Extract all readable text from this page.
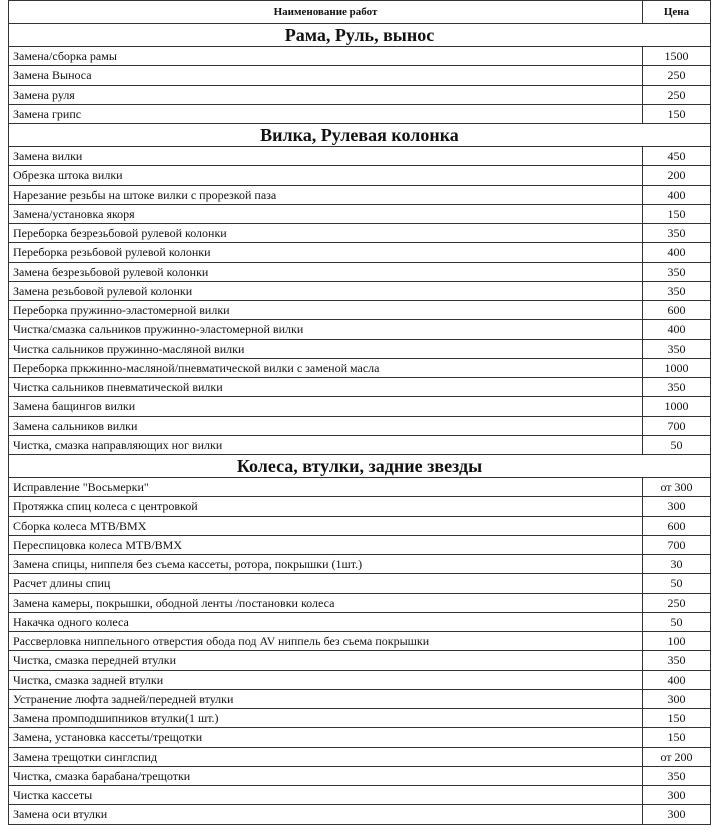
Наименование работ	Цена
Рама, Руль, вынос	
Замена/сборка рамы	1500
Замена Выноса	250
Замена руля	250
Замена грипс	150
Вилка, Рулевая колонка	
Замена вилки	450
Обрезка штока вилки	200
Нарезание резьбы на штоке вилки с прорезкой паза	400
Замена/установка якоря	150
Переборка безрезьбовой рулевой колонки	350
Переборка резьбовой рулевой колонки	400
Замена безрезьбовой рулевой колонки	350
Замена резьбовой рулевой колонки	350
Переборка пружинно-эластомерной вилки	600
Чистка/смазка сальников пружинно-эластомерной вилки	400
Чистка сальников пружинно-масляной вилки	350
Переборка пркжинно-масляной/пневматической вилки с заменой масла	1000
Чистка сальников пневматической вилки	350
Замена бащингов вилки	1000
Замена сальников вилки	700
Чистка, смазка направляющих ног вилки	50
Колеса, втулки, задние звезды	
Исправление "Восьмерки"	от 300
Протяжка спиц колеса с центровкой	300
Сборка колеса МТВ/ВМХ	600
Переспицовка колеса МТВ/ВМХ	700
Замена спицы, ниппеля без съема кассеты, ротора, покрышки (1шт.)	30
Расчет длины спиц	50
Замена камеры, покрышки, ободной ленты /постановки колеса	250
Накачка одного колеса	50
Рассверловка ниппельного отверстия обода под AV ниппель без съема покрышки	100
Чистка, смазка передней втулки	350
Чистка, смазка задней втулки	400
Устранение люфта задней/передней втулки	300
Замена промподшипников втулки(1 шт.)	150
Замена, установка кассеты/трещотки	150
Замена трещотки синглспид	от 200
Чистка, смазка барабана/трещотки	350
Чистка кассеты	300
Замена оси втулки	300
